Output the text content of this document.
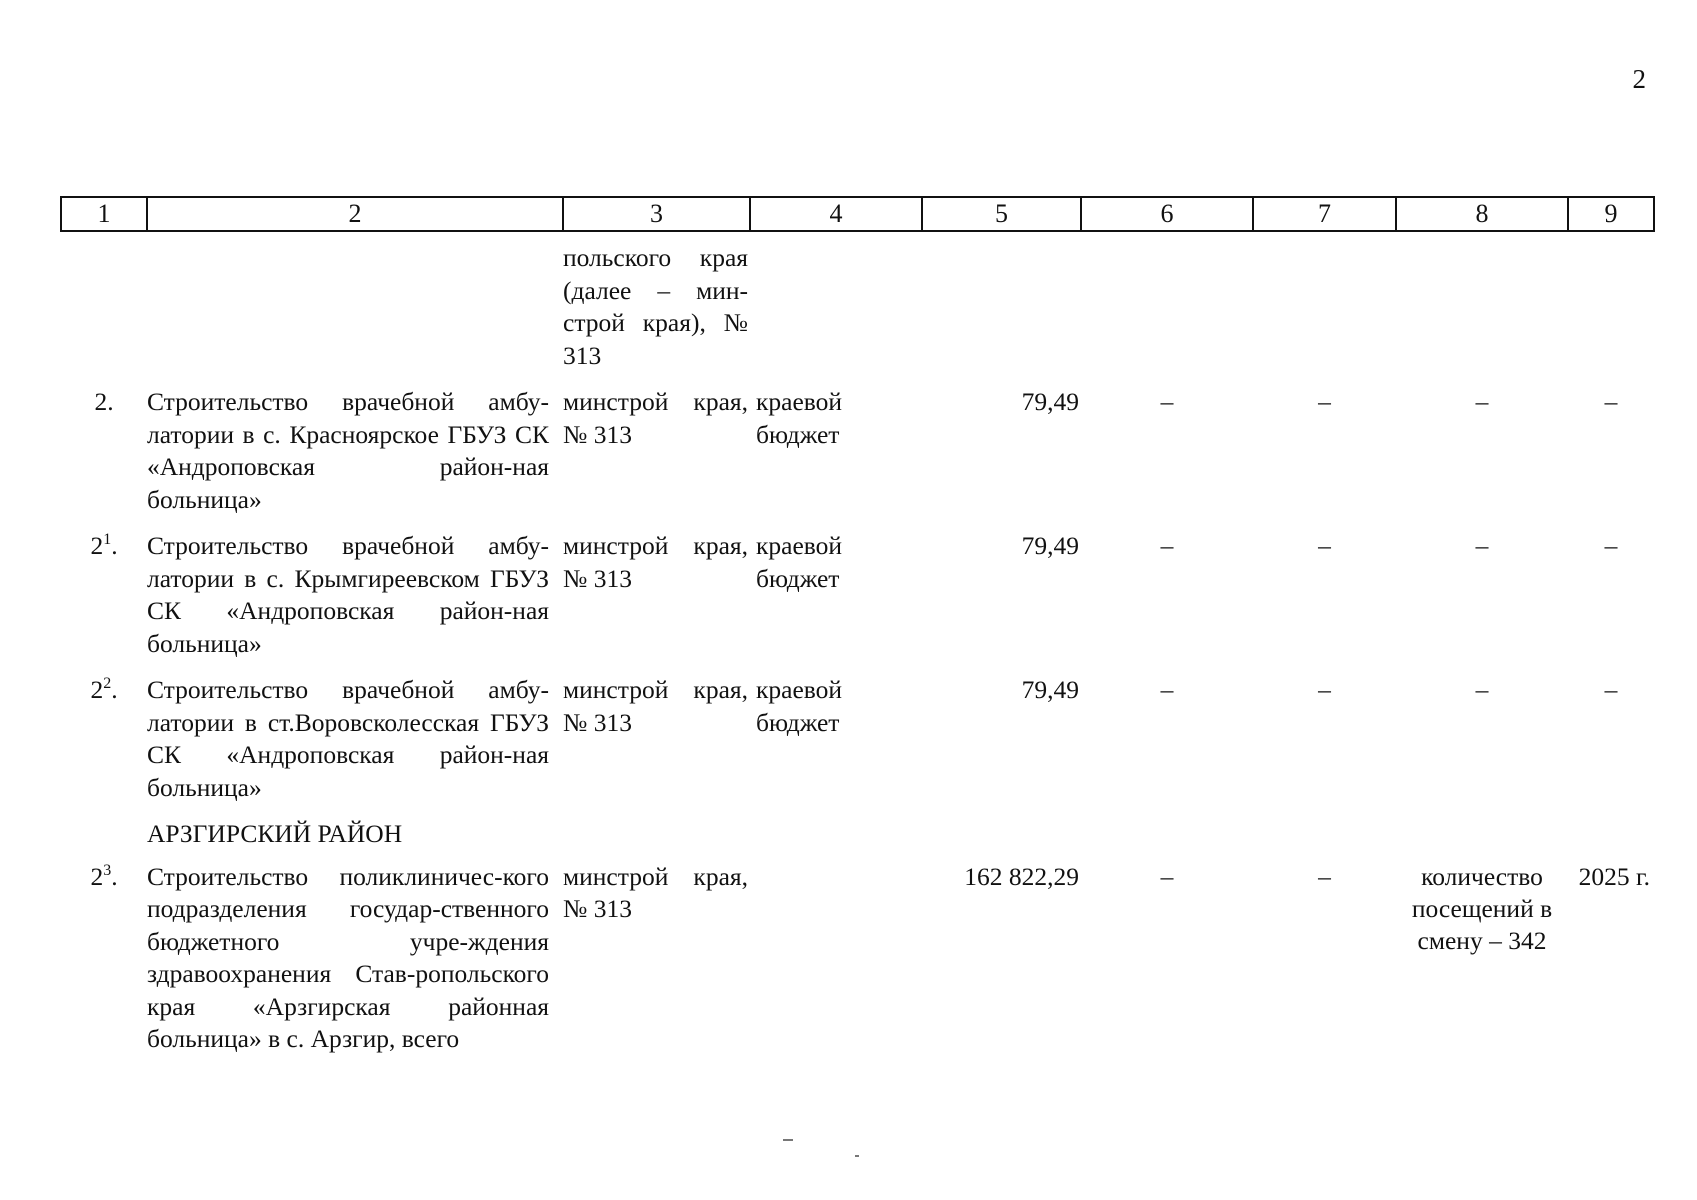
2
1	2	3	4	5	6	7	8	9
		польского края (далее – мин-строй края), № 313						
2.	Строительство врачебной амбу-латории в с. Красноярское ГБУЗ СК «Андроповская район-ная больница»	минстрой края, № 313	краевой бюджет	79,49	–	–	–	–
$2^1$.	Строительство врачебной амбу-латории в с. Крымгиреевском ГБУЗ СК «Андроповская район-ная больница»	минстрой края, № 313	краевой бюджет	79,49	–	–	–	–
$2^2$.	Строительство врачебной амбу-латории в ст.Воровсколесская ГБУЗ СК «Андроповская район-ная больница»	минстрой края, № 313	краевой бюджет	79,49	–	–	–	–
	АРЗГИРСКИЙ РАЙОН							
$2^3$.	Строительство поликлиничес-кого подразделения государ-ственного бюджетного учре-ждения здравоохранения Став-ропольского края «Арзгирская районная больница» в с. Арзгир, всего	минстрой края, № 313		162 822,29	–	–	количество посещений в смену – 342	2025 г.
